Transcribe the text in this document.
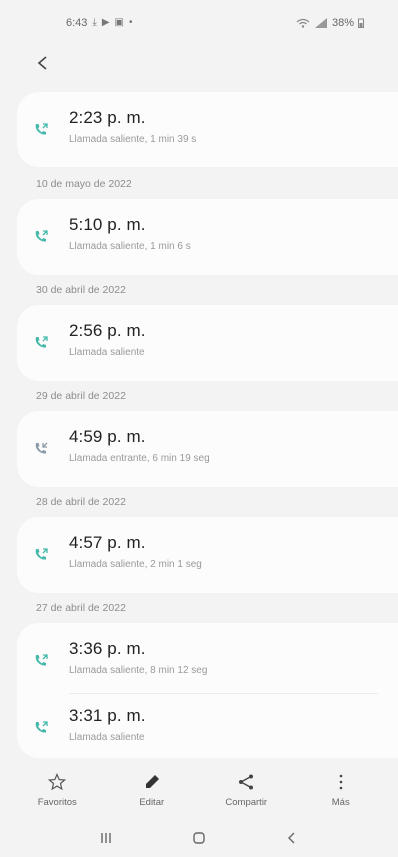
6:43 ⤓ ▶ ▣ •	38%
2:23 p. m.
Llamada saliente, 1 min 39 s
10 de mayo de 2022
5:10 p. m.
Llamada saliente, 1 min 6 s
30 de abril de 2022
2:56 p. m.
Llamada saliente
29 de abril de 2022
4:59 p. m.
Llamada entrante, 6 min 19 seg
28 de abril de 2022
4:57 p. m.
Llamada saliente, 2 min 1 seg
27 de abril de 2022
3:36 p. m.
Llamada saliente, 8 min 12 seg
3:31 p. m.
Llamada saliente
Favoritos	Editar	Compartir	Más
